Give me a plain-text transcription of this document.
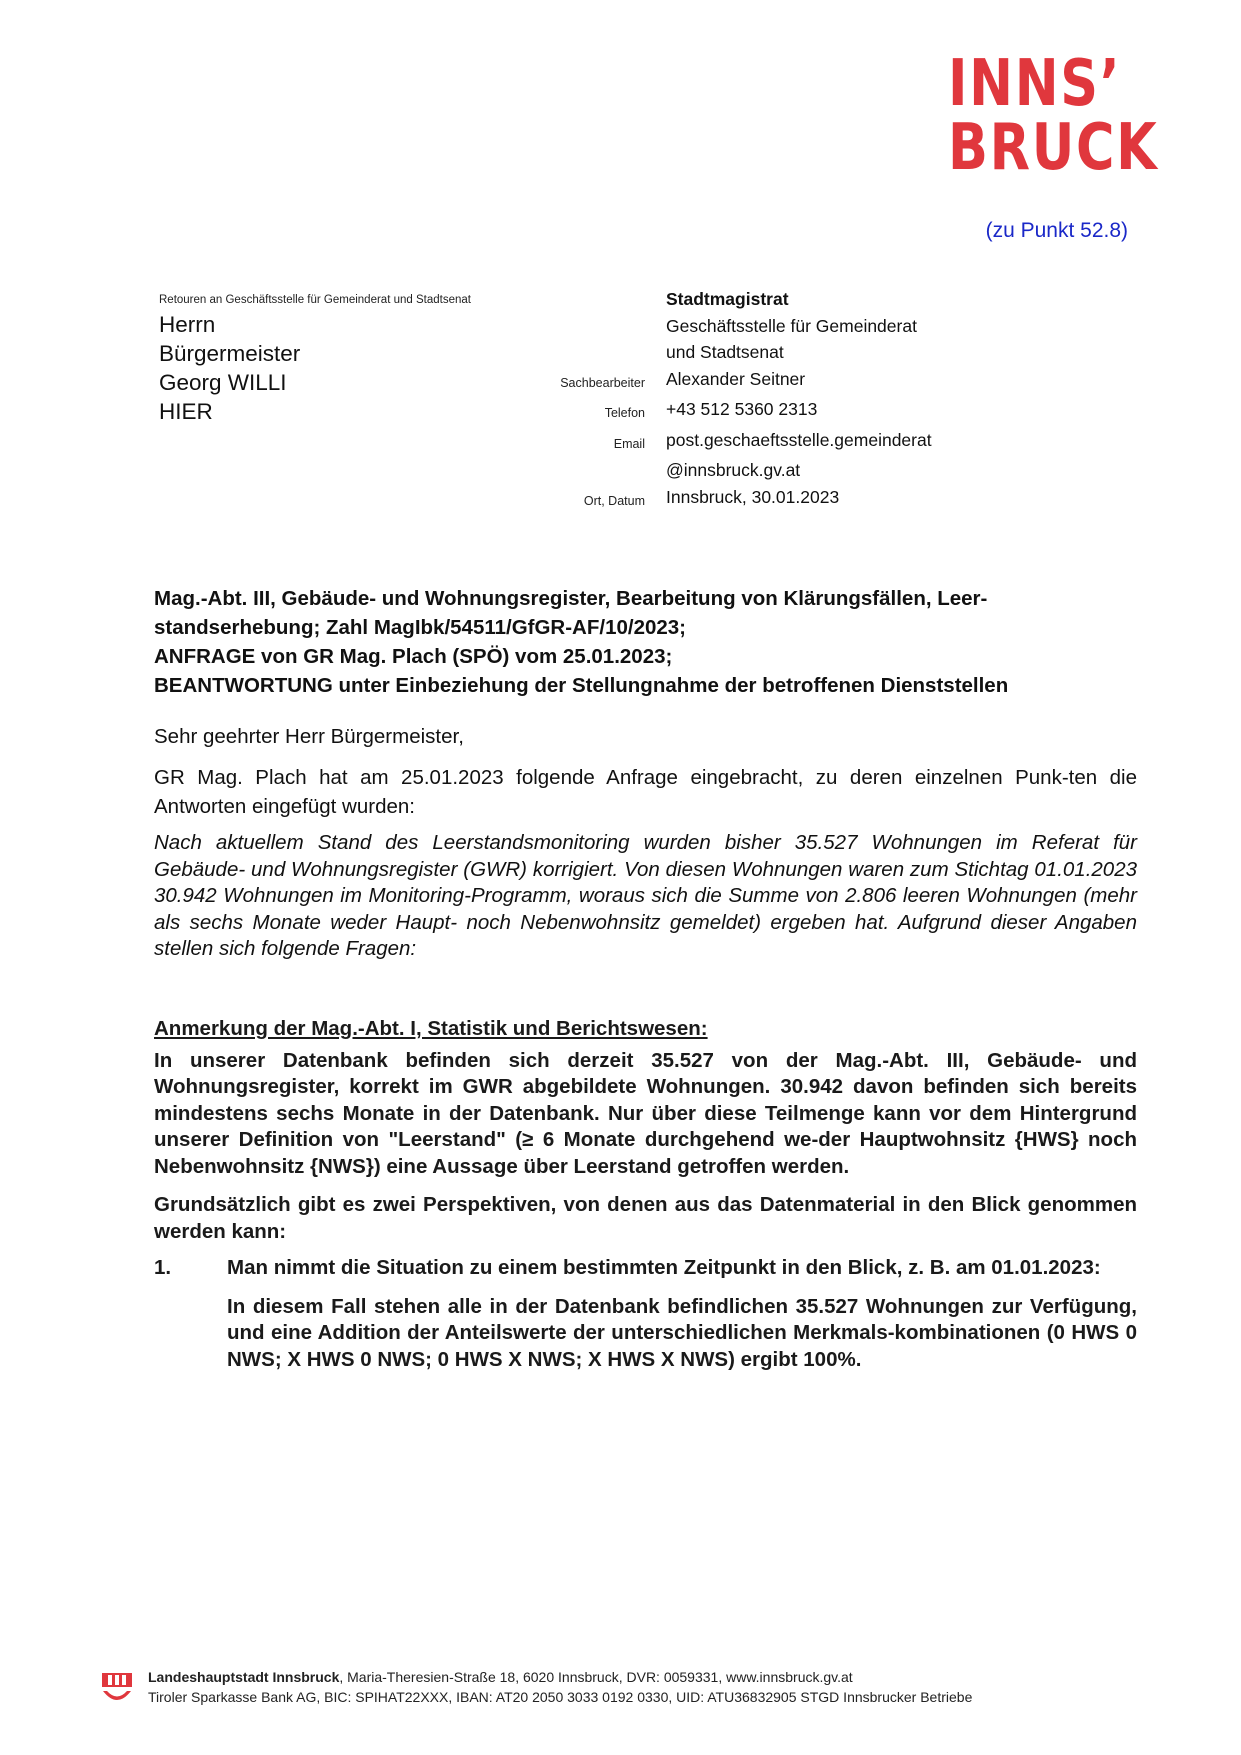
INNS’
BRUCK
(zu Punkt 52.8)
Retouren an Geschäftsstelle für Gemeinderat und Stadtsenat
Herrn
Bürgermeister
Georg WILLI
HIER
Stadtmagistrat
Geschäftsstelle für Gemeinderat
und Stadtsenat
Sachbearbeiter	Alexander Seitner
Telefon	+43 512 5360 2313
Email	post.geschaeftsstelle.gemeinderat
@innsbruck.gv.at
Ort, Datum	Innsbruck, 30.01.2023
Mag.-Abt. III, Gebäude- und Wohnungsregister, Bearbeitung von Klärungsfällen, Leer-
standserhebung; Zahl MagIbk/54511/GfGR-AF/10/2023;
ANFRAGE von GR Mag. Plach (SPÖ) vom 25.01.2023;
BEANTWORTUNG unter Einbeziehung der Stellungnahme der betroffenen Dienststellen

Sehr geehrter Herr Bürgermeister,

GR Mag. Plach hat am 25.01.2023 folgende Anfrage eingebracht, zu deren einzelnen Punk-ten die Antworten eingefügt wurden:

Nach aktuellem Stand des Leerstandsmonitoring wurden bisher 35.527 Wohnungen im Referat für Gebäude- und Wohnungsregister (GWR) korrigiert. Von diesen Wohnungen waren zum Stichtag 01.01.2023 30.942 Wohnungen im Monitoring-Programm, woraus sich die Summe von 2.806 leeren Wohnungen (mehr als sechs Monate weder Haupt- noch Nebenwohnsitz gemeldet) ergeben hat. Aufgrund dieser Angaben stellen sich folgende Fragen:

Anmerkung der Mag.-Abt. I, Statistik und Berichtswesen:

In unserer Datenbank befinden sich derzeit 35.527 von der Mag.-Abt. III, Gebäude- und Wohnungsregister, korrekt im GWR abgebildete Wohnungen. 30.942 davon befinden sich bereits mindestens sechs Monate in der Datenbank. Nur über diese Teilmenge kann vor dem Hintergrund unserer Definition von "Leerstand" (≥ 6 Monate durchgehend we-der Hauptwohnsitz {HWS} noch Nebenwohnsitz {NWS}) eine Aussage über Leerstand getroffen werden.

Grundsätzlich gibt es zwei Perspektiven, von denen aus das Datenmaterial in den Blick genommen werden kann:

1.	Man nimmt die Situation zu einem bestimmten Zeitpunkt in den Blick, z. B. am 01.01.2023:

In diesem Fall stehen alle in der Datenbank befindlichen 35.527 Wohnungen zur Verfügung, und eine Addition der Anteilswerte der unterschiedlichen Merkmals-kombinationen (0 HWS 0 NWS; X HWS 0 NWS; 0 HWS X NWS; X HWS X NWS) ergibt 100%.

Landeshauptstadt Innsbruck, Maria-Theresien-Straße 18, 6020 Innsbruck, DVR: 0059331, www.innsbruck.gv.at
Tiroler Sparkasse Bank AG, BIC: SPIHAT22XXX, IBAN: AT20 2050 3033 0192 0330, UID: ATU36832905 STGD Innsbrucker Betriebe
